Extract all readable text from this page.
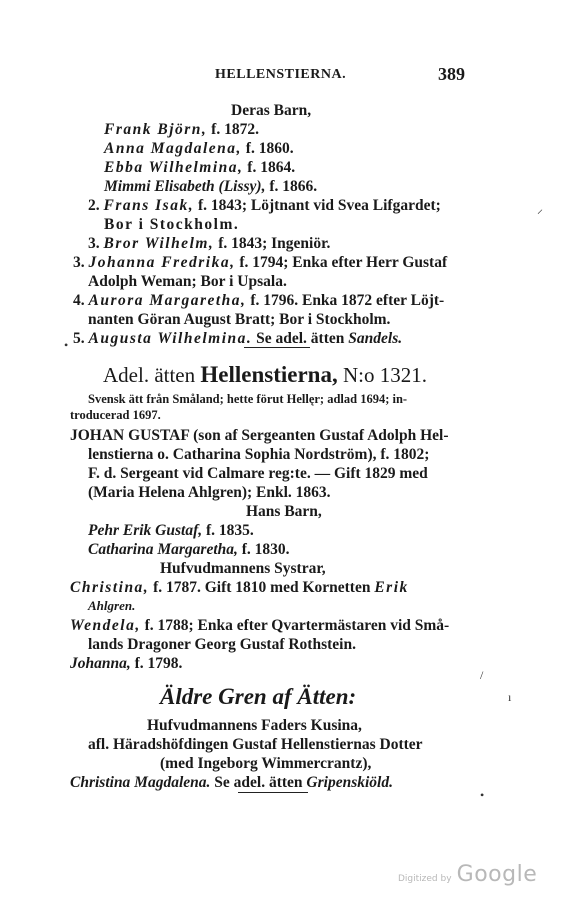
HELLENSTIERNA.	389
Deras Barn,
Frank Björn, f. 1872.
Anna Magdalena, f. 1860.
Ebba Wilhelmina, f. 1864.
Mimmi Elisabeth (Lissy), f. 1866.
2. Frans Isak, f. 1843; Löjtnant vid Svea Lifgardet;
Bor i Stockholm.
3. Bror Wilhelm, f. 1843; Ingeniör.
3. Johanna Fredrika, f. 1794; Enka efter Herr Gustaf
Adolph Weman; Bor i Upsala.
4. Aurora Margaretha, f. 1796. Enka 1872 efter Löjt-
nanten Göran August Bratt; Bor i Stockholm.
5. Augusta Wilhelmina. Se adel. ätten Sandels.
Adel. ätten Hellenstierna, N:o 1321.
Svensk ätt från Småland; hette förut Hellęr; adlad 1694; in-
troducerad 1697.
JOHAN GUSTAF (son af Sergeanten Gustaf Adolph Hel-
lenstierna o. Catharina Sophia Nordström), f. 1802;
F. d. Sergeant vid Calmare reg:te. — Gift 1829 med
(Maria Helena Ahlgren); Enkl. 1863.
Hans Barn,
Pehr Erik Gustaf, f. 1835.
Catharina Margaretha, f. 1830.
Hufvudmannens Systrar,
Christina, f. 1787. Gift 1810 med Kornetten Erik
Ahlgren.
Wendela, f. 1788; Enka efter Qvartermästaren vid Små-
lands Dragoner Georg Gustaf Rothstein.
Johanna, f. 1798.
Äldre Gren af Ätten:
Hufvudmannens Faders Kusina,
afl. Häradshöfdingen Gustaf Hellenstiernas Dotter
(med Ingeborg Wimmercrantz),
Christina Magdalena. Se adel. ätten Gripenskiöld.
⸝
•
/
ı
•
Digitized by Google
